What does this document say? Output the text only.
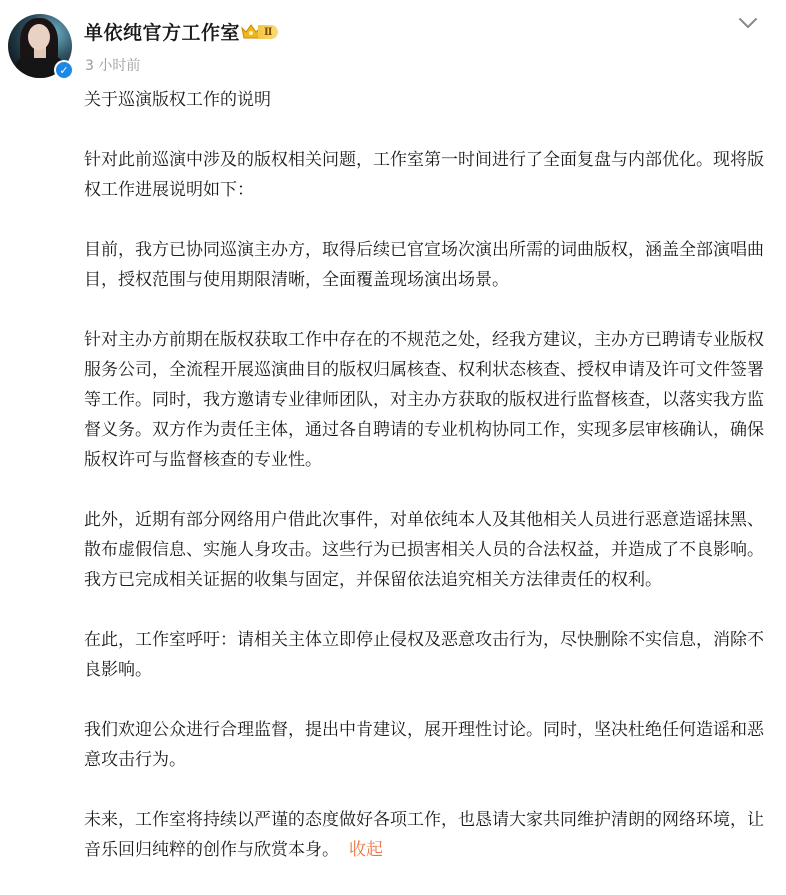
✓
单依纯官方工作室	Ⅱ
3 小时前

关于巡演版权工作的说明

针对此前巡演中涉及的版权相关问题，工作室第一时间进行了全面复盘与内部优化。现将版权工作进展说明如下：

目前，我方已协同巡演主办方，取得后续已官宣场次演出所需的词曲版权，涵盖全部演唱曲目，授权范围与使用期限清晰，全面覆盖现场演出场景。

针对主办方前期在版权获取工作中存在的不规范之处，经我方建议，主办方已聘请专业版权服务公司，全流程开展巡演曲目的版权归属核查、权利状态核查、授权申请及许可文件签署等工作。同时，我方邀请专业律师团队，对主办方获取的版权进行监督核查，以落实我方监督义务。双方作为责任主体，通过各自聘请的专业机构协同工作，实现多层审核确认，确保版权许可与监督核查的专业性。

此外，近期有部分网络用户借此次事件，对单依纯本人及其他相关人员进行恶意造谣抹黑、散布虚假信息、实施人身攻击。这些行为已损害相关人员的合法权益，并造成了不良影响。我方已完成相关证据的收集与固定，并保留依法追究相关方法律责任的权利。

在此，工作室呼吁：请相关主体立即停止侵权及恶意攻击行为，尽快删除不实信息，消除不良影响。

我们欢迎公众进行合理监督，提出中肯建议，展开理性讨论。同时，坚决杜绝任何造谣和恶意攻击行为。

未来，工作室将持续以严谨的态度做好各项工作，也恳请大家共同维护清朗的网络环境，让音乐回归纯粹的创作与欣赏本身。 收起
